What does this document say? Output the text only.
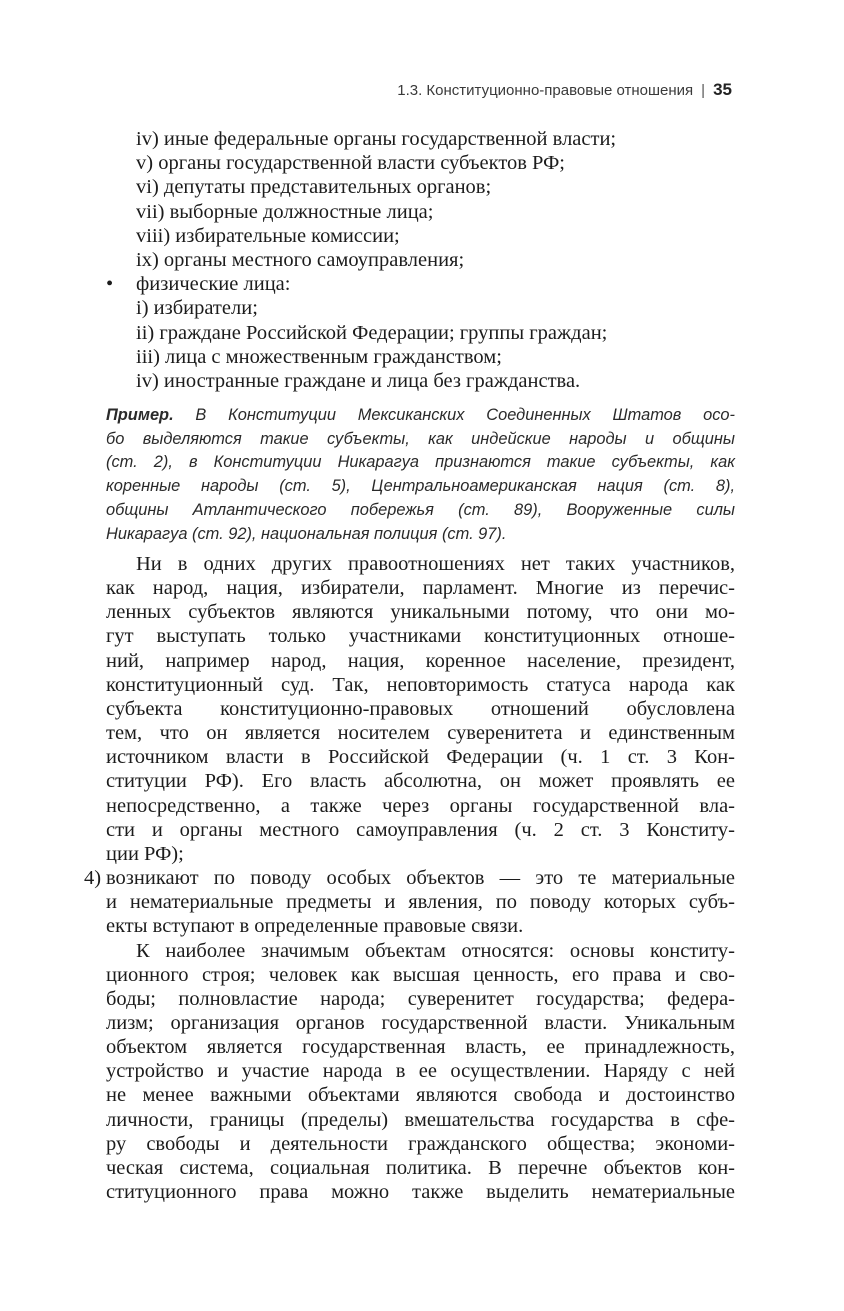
1.3. Конституционно-правовые отношения | 35
iv) иные федеральные органы государственной власти;
v) органы государственной власти субъектов РФ;
vi) депутаты представительных органов;
vii) выборные должностные лица;
viii) избирательные комиссии;
ix) органы местного самоуправления;
• физические лица:
i) избиратели;
ii) граждане Российской Федерации; группы граждан;
iii) лица с множественным гражданством;
iv) иностранные граждане и лица без гражданства.
Пример. В Конституции Мексиканских Соединенных Штатов осо-
бо выделяются такие субъекты, как индейские народы и общины
(ст. 2), в Конституции Никарагуа признаются такие субъекты, как
коренные народы (ст. 5), Центральноамериканская нация (ст. 8),
общины Атлантического побережья (ст. 89), Вооруженные силы
Никарагуа (ст. 92), национальная полиция (ст. 97).
Ни в одних других правоотношениях нет таких участников,
как народ, нация, избиратели, парламент. Многие из перечис-
ленных субъектов являются уникальными потому, что они мо-
гут выступать только участниками конституционных отноше-
ний, например народ, нация, коренное население, президент,
конституционный суд. Так, неповторимость статуса народа как
субъекта конституционно-правовых отношений обусловлена
тем, что он является носителем суверенитета и единственным
источником власти в Российской Федерации (ч. 1 ст. 3 Кон-
ституции РФ). Его власть абсолютна, он может проявлять ее
непосредственно, а также через органы государственной вла-
сти и органы местного самоуправления (ч. 2 ст. 3 Конститу-
ции РФ);
4) возникают по поводу особых объектов — это те материальные
и нематериальные предметы и явления, по поводу которых субъ-
екты вступают в определенные правовые связи.
К наиболее значимым объектам относятся: основы конститу-
ционного строя; человек как высшая ценность, его права и сво-
боды; полновластие народа; суверенитет государства; федера-
лизм; организация органов государственной власти. Уникальным
объектом является государственная власть, ее принадлежность,
устройство и участие народа в ее осуществлении. Наряду с ней
не менее важными объектами являются свобода и достоинство
личности, границы (пределы) вмешательства государства в сфе-
ру свободы и деятельности гражданского общества; экономи-
ческая система, социальная политика. В перечне объектов кон-
ституционного права можно также выделить нематериальные
